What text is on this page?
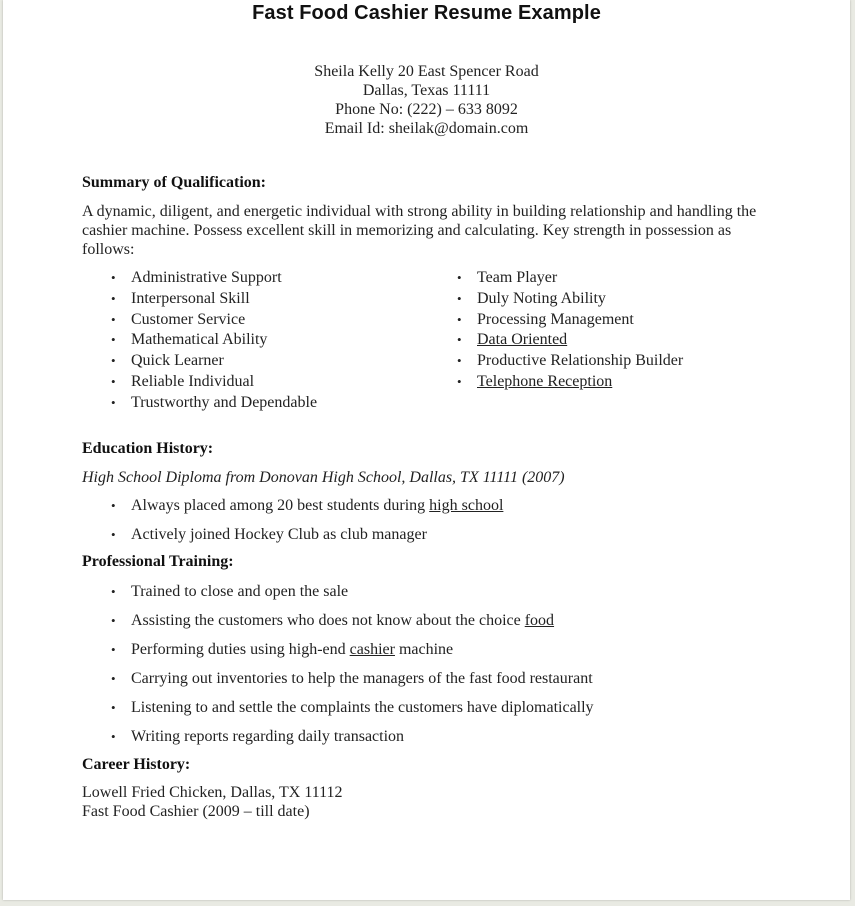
Fast Food Cashier Resume Example
Sheila Kelly 20 East Spencer Road
Dallas, Texas 11111
Phone No: (222) – 633 8092
Email Id: sheilak@domain.com
Summary of Qualification:
A dynamic, diligent, and energetic individual with strong ability in building relationship and handling the cashier machine. Possess excellent skill in memorizing and calculating. Key strength in possession as follows:
• Administrative Support
• Interpersonal Skill
• Customer Service
• Mathematical Ability
• Quick Learner
• Reliable Individual
• Trustworthy and Dependable
• Team Player
• Duly Noting Ability
• Processing Management
• Data Oriented
• Productive Relationship Builder
• Telephone Reception
Education History:
High School Diploma from Donovan High School, Dallas, TX 11111 (2007)
• Always placed among 20 best students during high school
• Actively joined Hockey Club as club manager
Professional Training:
• Trained to close and open the sale
• Assisting the customers who does not know about the choice food
• Performing duties using high-end cashier machine
• Carrying out inventories to help the managers of the fast food restaurant
• Listening to and settle the complaints the customers have diplomatically
• Writing reports regarding daily transaction
Career History:
Lowell Fried Chicken, Dallas, TX 11112
Fast Food Cashier (2009 – till date)
